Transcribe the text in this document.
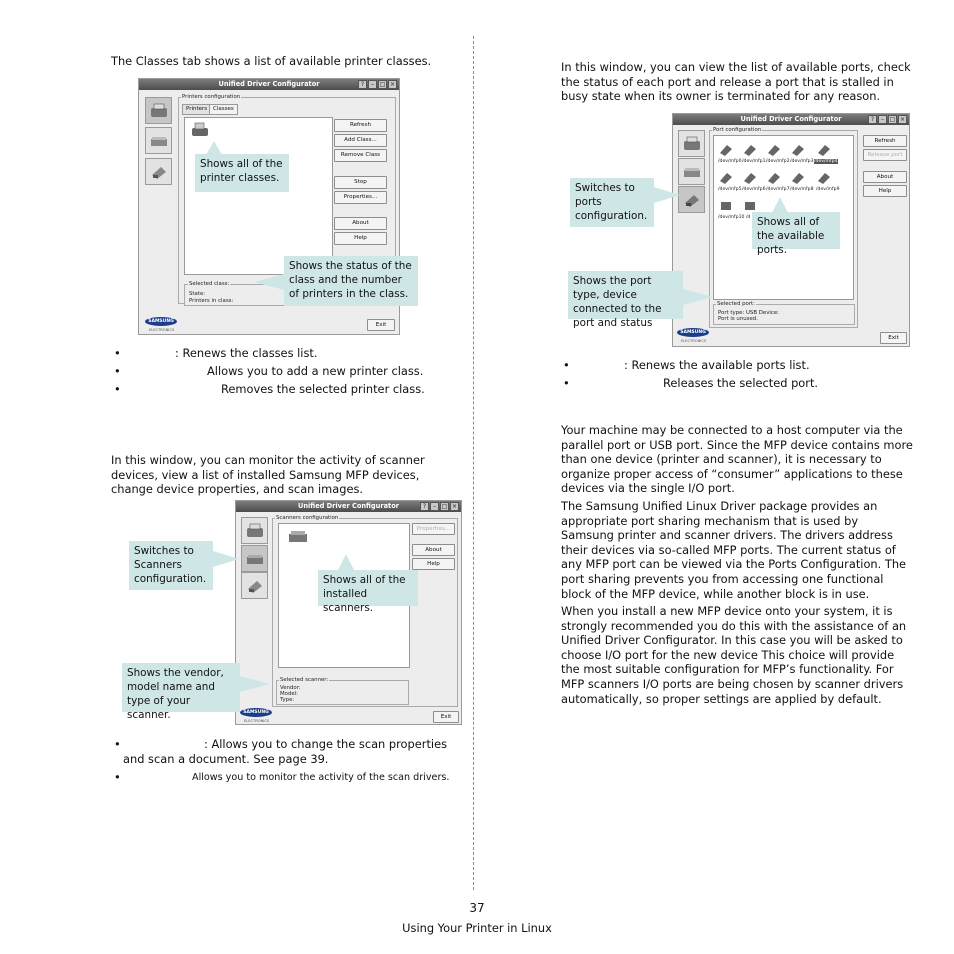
The Classes tab shows a list of available printer classes.

Unified Driver Configurator	?	– □ ×
Printers configuration
Printers	Classes
Refresh
Add Class...
Remove Class
Stop
Properties...
About
Help
State:
Printers in class:
Selected class:
SAMSUNG
ELECTRONICS
Exit
Shows all of the printer classes.
Shows the status of the class and the number of printers in the class.
•	: Renews the classes list.
•	Allows you to add a new printer class.
•	Removes the selected printer class.

In this window, you can monitor the activity of scanner devices, view a list of installed Samsung MFP devices, change device properties, and scan images.

Unified Driver Configurator	?	– □ ×
Scanners configuration
Properties...
About
Help
Vendor:
Model:
Type:
Selected scanner:
SAMSUNG
ELECTRONICS
Exit
Switches to Scanners configuration.	Shows all of the installed scanners.
Shows the vendor, model name and type of your scanner.
•	: Allows you to change the scan properties and scan a document. See page 39.
•	Allows you to monitor the activity of the scan drivers.

In this window, you can view the list of available ports, check the status of each port and release a port that is stalled in busy state when its owner is terminated for any reason.

Unified Driver Configurator	?	– □ ×
Port configuration
/dev/mfp0 /dev/mfp1 /dev/mfp2 /dev/mfp3 /dev/mfp4
/dev/mfp5 /dev/mfp6 /dev/mfp7 /dev/mfp8 /dev/mfp9
/dev/mfp10 /d
Refresh
Release port
About
Help
Port type: USB Device:
Port is unused.
Selected port:
SAMSUNG
ELECTRONICS	Exit
Switches to ports configuration.	Shows all of the available ports.
Shows the port type, device connected to the port and status
•	: Renews the available ports list.
•	Releases the selected port.

Your machine may be connected to a host computer via the parallel port or USB port. Since the MFP device contains more than one device (printer and scanner), it is necessary to organize proper access of “consumer” applications to these devices via the single I/O port.

The Samsung Unified Linux Driver package provides an appropriate port sharing mechanism that is used by Samsung printer and scanner drivers. The drivers address their devices via so-called MFP ports. The current status of any MFP port can be viewed via the Ports Configuration. The port sharing prevents you from accessing one functional block of the MFP device, while another block is in use.

When you install a new MFP device onto your system, it is strongly recommended you do this with the assistance of an Unified Driver Configurator. In this case you will be asked to choose I/O port for the new device This choice will provide the most suitable configuration for MFP’s functionality. For MFP scanners I/O ports are being chosen by scanner drivers automatically, so proper settings are applied by default.

37
Using Your Printer in Linux
